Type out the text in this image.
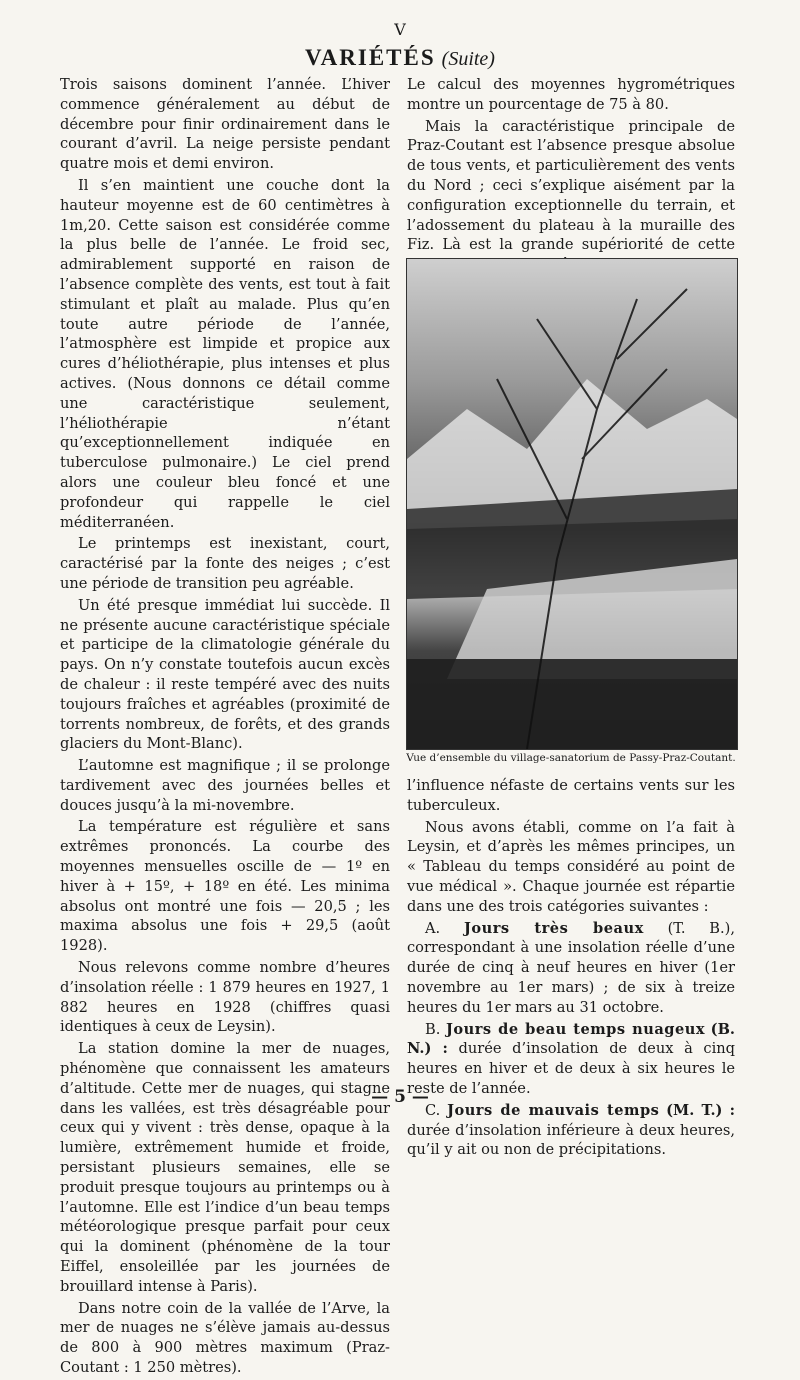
V
VARIÉTÉS (Suite)

Trois saisons dominent l’année. L’hiver commence généralement au début de décembre pour finir ordinairement dans le courant d’avril. La neige persiste pendant quatre mois et demi environ.

Il s’en maintient une couche dont la hauteur moyenne est de 60 centimètres à 1m,20. Cette saison est considérée comme la plus belle de l’année. Le froid sec, admirablement supporté en raison de l’absence complète des vents, est tout à fait stimulant et plaît au malade. Plus qu’en toute autre période de l’année, l’atmosphère est limpide et propice aux cures d’héliothérapie, plus intenses et plus actives. (Nous donnons ce détail comme une caractéristique seulement, l’héliothérapie n’étant qu’exceptionnellement indiquée en tuberculose pulmonaire.) Le ciel prend alors une couleur bleu foncé et une profondeur qui rappelle le ciel méditerranéen.

Le printemps est inexistant, court, caractérisé par la fonte des neiges ; c’est une période de transition peu agréable.

Un été presque immédiat lui succède. Il ne présente aucune caractéristique spéciale et participe de la climatologie générale du pays. On n’y constate toutefois aucun excès de chaleur : il reste tempéré avec des nuits toujours fraîches et agréables (proximité de torrents nombreux, de forêts, et des grands glaciers du Mont-Blanc).

L’automne est magnifique ; il se prolonge tardivement avec des journées belles et douces jusqu’à la mi-novembre.

La température est régulière et sans extrêmes prononcés. La courbe des moyennes mensuelles oscille de — 1º en hiver à + 15º, + 18º en été. Les minima absolus ont montré une fois — 20,5 ; les maxima absolus une fois + 29,5 (août 1928).

Nous relevons comme nombre d’heures d’insolation réelle : 1 879 heures en 1927, 1 882 heures en 1928 (chiffres quasi identiques à ceux de Leysin).

La station domine la mer de nuages, phénomène que connaissent les amateurs d’altitude. Cette mer de nuages, qui stagne dans les vallées, est très désagréable pour ceux qui y vivent : très dense, opaque à la lumière, extrêmement humide et froide, persistant plusieurs semaines, elle se produit presque toujours au printemps ou à l’automne. Elle est l’indice d’un beau temps météorologique presque parfait pour ceux qui la dominent (phénomène de la tour Eiffel, ensoleillée par les journées de brouillard intense à Paris).

Dans notre coin de la vallée de l’Arve, la mer de nuages ne s’élève jamais au-dessus de 800 à 900 mètres maximum (Praz-Coutant : 1 250 mètres).

Le calcul des moyennes hygrométriques montre un pourcentage de 75 à 80.

Mais la caractéristique principale de Praz-Coutant est l’absence presque absolue de tous vents, et particulièrement des vents du Nord ; ceci s’explique aisément par la configuration exceptionnelle du terrain, et l’adossement du plateau à la muraille des Fiz. Là est la grande supériorité de cette

Vue d’ensemble du village-sanatorium de Passy-Praz-Coutant.

l’influence néfaste de certains vents sur les tuberculeux.

Nous avons établi, comme on l’a fait à Leysin, et d’après les mêmes principes, un « Tableau du temps considéré au point de vue médical ». Chaque journée est répartie dans une des trois catégories suivantes :

A. Jours très beaux (T. B.), correspondant à une insolation réelle d’une durée de cinq à neuf heures en hiver (1er novembre au 1er mars) ; de six à treize heures du 1er mars au 31 octobre.

B. Jours de beau temps nuageux (B. N.) : durée d’insolation de deux à cinq heures en hiver et de deux à six heures le reste de l’année.

C. Jours de mauvais temps (M. T.) : durée d’insolation inférieure à deux heures, qu’il y ait ou non de précipitations.

— 5 —
